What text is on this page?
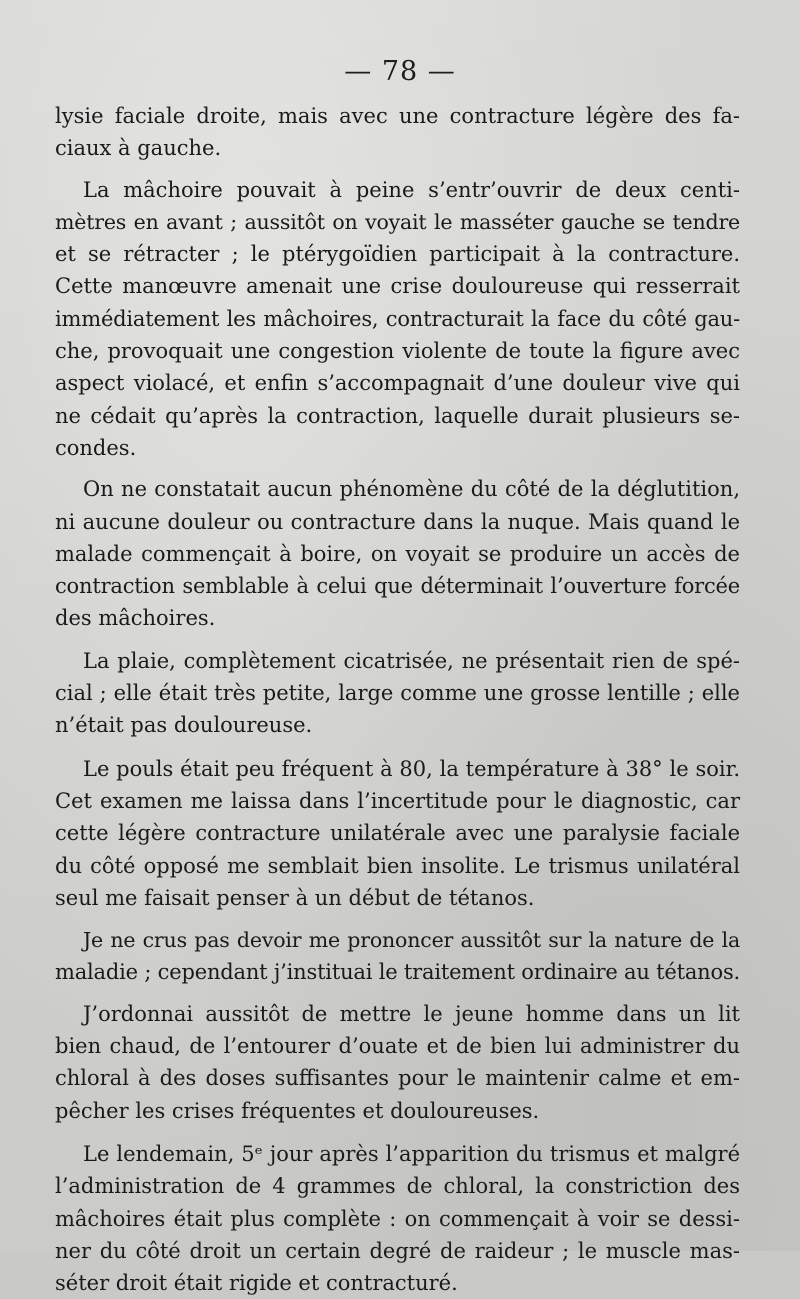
— 78 —
lysie faciale droite, mais avec une contracture légère des fa-
ciaux à gauche.
La mâchoire pouvait à peine s’entr’ouvrir de deux centi-
mètres en avant ; aussitôt on voyait le masséter gauche se tendre
et se rétracter ; le ptérygoïdien participait à la contracture.
Cette manœuvre amenait une crise douloureuse qui resserrait
immédiatement les mâchoires, contracturait la face du côté gau-
che, provoquait une congestion violente de toute la figure avec
aspect violacé, et enfin s’accompagnait d’une douleur vive qui
ne cédait qu’après la contraction, laquelle durait plusieurs se-
condes.
On ne constatait aucun phénomène du côté de la déglutition,
ni aucune douleur ou contracture dans la nuque. Mais quand le
malade commençait à boire, on voyait se produire un accès de
contraction semblable à celui que déterminait l’ouverture forcée
des mâchoires.
La plaie, complètement cicatrisée, ne présentait rien de spé-
cial ; elle était très petite, large comme une grosse lentille ; elle
n’était pas douloureuse.
Le pouls était peu fréquent à 80, la température à 38° le soir.
Cet examen me laissa dans l’incertitude pour le diagnostic, car
cette légère contracture unilatérale avec une paralysie faciale
du côté opposé me semblait bien insolite. Le trismus unilatéral
seul me faisait penser à un début de tétanos.
Je ne crus pas devoir me prononcer aussitôt sur la nature de la
maladie ; cependant j’instituai le traitement ordinaire au tétanos.
J’ordonnai aussitôt de mettre le jeune homme dans un lit
bien chaud, de l’entourer d’ouate et de bien lui administrer du
chloral à des doses suffisantes pour le maintenir calme et em-
pêcher les crises fréquentes et douloureuses.
Le lendemain, 5ᵉ jour après l’apparition du trismus et malgré
l’administration de 4 grammes de chloral, la constriction des
mâchoires était plus complète : on commençait à voir se dessi-
ner du côté droit un certain degré de raideur ; le muscle mas-
séter droit était rigide et contracturé.
